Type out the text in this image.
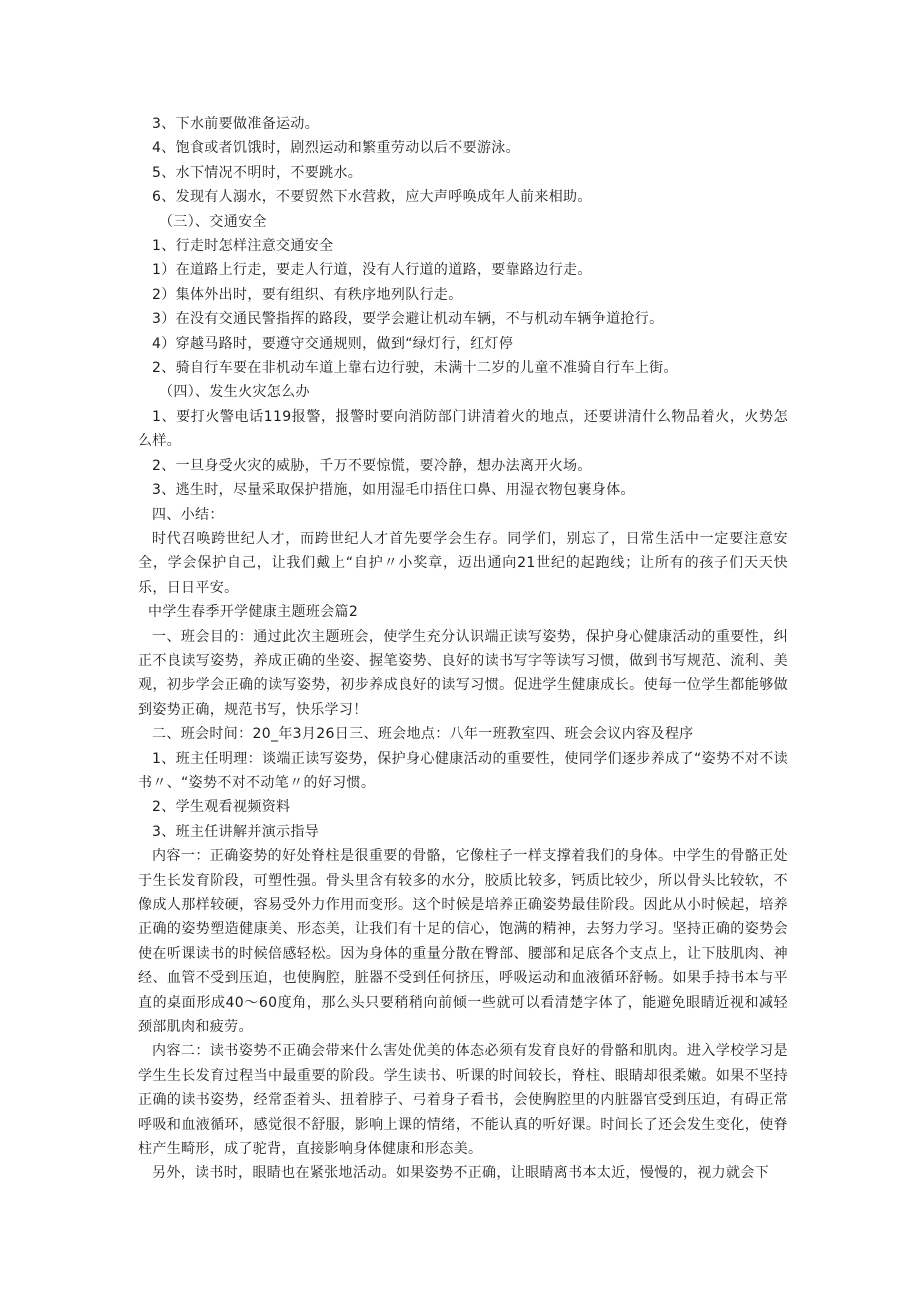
3、下水前要做准备运动。

4、饱食或者饥饿时，剧烈运动和繁重劳动以后不要游泳。

5、水下情况不明时，不要跳水。

6、发现有人溺水，不要贸然下水营救，应大声呼唤成年人前来相助。

（三）、交通安全

1、行走时怎样注意交通安全

1）在道路上行走，要走人行道，没有人行道的道路，要靠路边行走。

2）集体外出时，要有组织、有秩序地列队行走。

3）在没有交通民警指挥的路段，要学会避让机动车辆，不与机动车辆争道抢行。

4）穿越马路时，要遵守交通规则，做到“绿灯行，红灯停

2、骑自行车要在非机动车道上靠右边行驶，未满十二岁的儿童不准骑自行车上街。

（四）、发生火灾怎么办

1、要打火警电话119报警，报警时要向消防部门讲清着火的地点，还要讲清什么物品着火，火势怎么样。

2、一旦身受火灾的威胁，千万不要惊慌，要冷静，想办法离开火场。

3、逃生时，尽量采取保护措施，如用湿毛巾捂住口鼻、用湿衣物包裹身体。

四、小结：

时代召唤跨世纪人才，而跨世纪人才首先要学会生存。同学们，别忘了，日常生活中一定要注意安全，学会保护自己，让我们戴上“自护〃小奖章，迈出通向21世纪的起跑线；让所有的孩子们天天快乐，日日平安。

中学生春季开学健康主题班会篇2

一、班会目的：通过此次主题班会，使学生充分认识端正读写姿势，保护身心健康活动的重要性，纠正不良读写姿势，养成正确的坐姿、握笔姿势、良好的读书写字等读写习惯，做到书写规范、流利、美观，初步学会正确的读写姿势，初步养成良好的读写习惯。促进学生健康成长。使每一位学生都能够做到姿势正确，规范书写，快乐学习！

二、班会时间：20_年3月26日三、班会地点：八年一班教室四、班会会议内容及程序

1、班主任明理：谈端正读写姿势，保护身心健康活动的重要性，使同学们逐步养成了“姿势不对不读书〃、“姿势不对不动笔〃的好习惯。

2、学生观看视频资料

3、班主任讲解并演示指导

内容一：正确姿势的好处脊柱是很重要的骨骼，它像柱子一样支撑着我们的身体。中学生的骨骼正处于生长发育阶段，可塑性强。骨头里含有较多的水分，胶质比较多，钙质比较少，所以骨头比较软，不像成人那样较硬，容易受外力作用而变形。这个时候是培养正确姿势最佳阶段。因此从小时候起，培养正确的姿势塑造健康美、形态美，让我们有十足的信心，饱满的精神，去努力学习。坚持正确的姿势会使在听课读书的时候倍感轻松。因为身体的重量分散在臀部、腰部和足底各个支点上，让下肢肌肉、神经、血管不受到压迫，也使胸腔，脏器不受到任何挤压，呼吸运动和血液循环舒畅。如果手持书本与平直的桌面形成40～60度角，那么头只要稍稍向前倾一些就可以看清楚字体了，能避免眼睛近视和减轻颈部肌肉和疲劳。

内容二：读书姿势不正确会带来什么害处优美的体态必须有发育良好的骨骼和肌肉。进入学校学习是学生生长发育过程当中最重要的阶段。学生读书、听课的时间较长，脊柱、眼睛却很柔嫩。如果不坚持正确的读书姿势，经常歪着头、扭着脖子、弓着身子看书，会使胸腔里的内脏器官受到压迫，有碍正常呼吸和血液循环，感觉很不舒服，影响上课的情绪，不能认真的听好课。时间长了还会发生变化，使脊柱产生畸形，成了驼背，直接影响身体健康和形态美。

另外，读书时，眼睛也在紧张地活动。如果姿势不正确，让眼睛离书本太近，慢慢的，视力就会下
